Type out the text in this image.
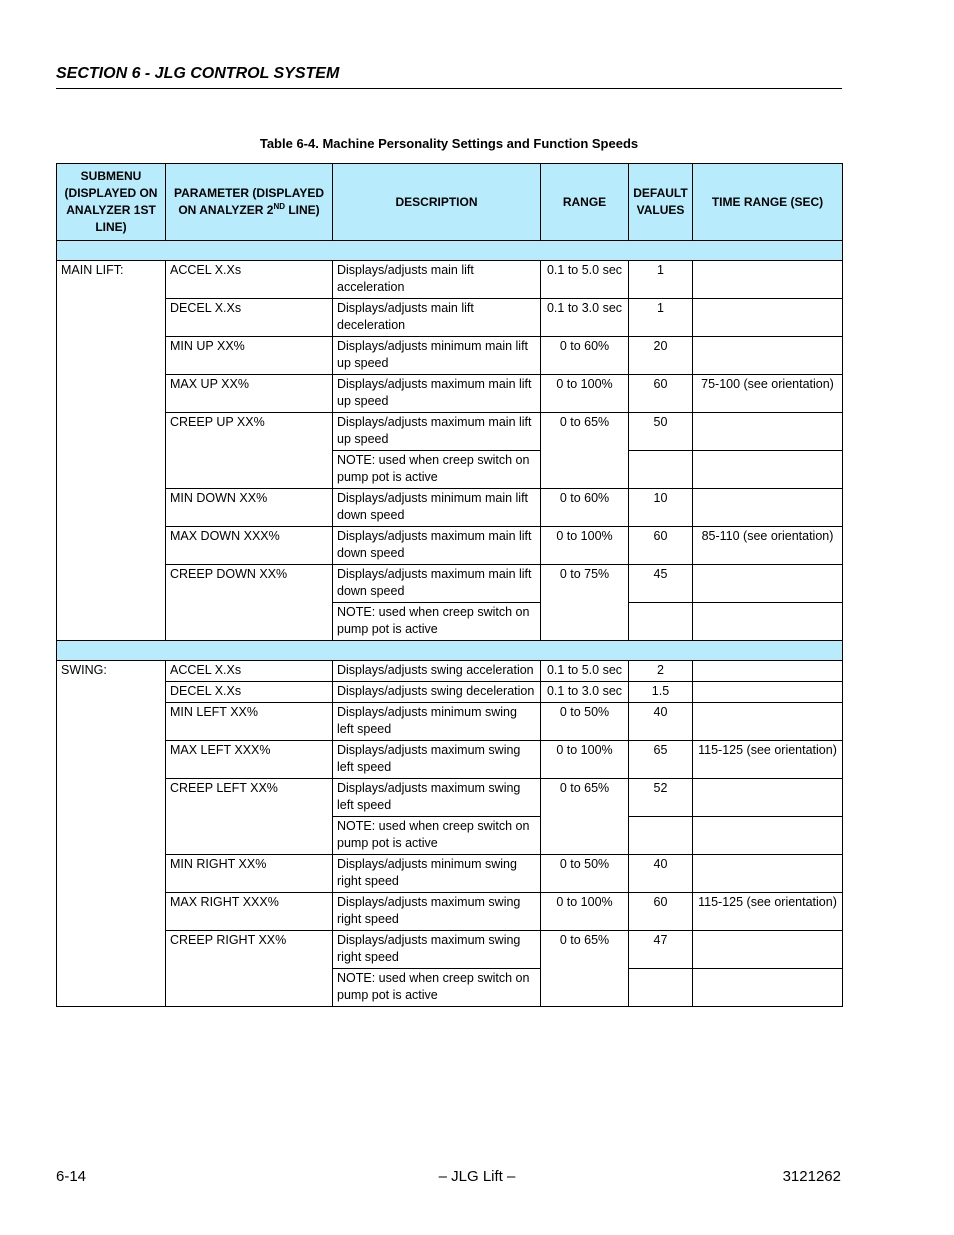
SECTION 6 - JLG CONTROL SYSTEM
Table 6-4. Machine Personality Settings and Function Speeds
SUBMENU (DISPLAYED ON ANALYZER 1ST LINE)	PARAMETER (DISPLAYED ON ANALYZER 2ND LINE)	DESCRIPTION	RANGE	DEFAULT VALUES	TIME RANGE (SEC)

MAIN LIFT:	ACCEL X.Xs	Displays/adjusts main lift acceleration	0.1 to 5.0 sec	1	
	DECEL X.Xs	Displays/adjusts main lift deceleration	0.1 to 3.0 sec	1	
	MIN UP XX%	Displays/adjusts minimum main lift up speed	0 to 60%	20	
	MAX UP XX%	Displays/adjusts maximum main lift up speed	0 to 100%	60	75-100 (see orientation)
	CREEP UP XX%	Displays/adjusts maximum main lift up speed	0 to 65%	50	
		NOTE: used when creep switch on pump pot is active			
	MIN DOWN XX%	Displays/adjusts minimum main lift down speed	0 to 60%	10	
	MAX DOWN XXX%	Displays/adjusts maximum main lift down speed	0 to 100%	60	85-110 (see orientation)
	CREEP DOWN XX%	Displays/adjusts maximum main lift down speed	0 to 75%	45	
		NOTE: used when creep switch on pump pot is active			

SWING:	ACCEL X.Xs	Displays/adjusts swing acceleration	0.1 to 5.0 sec	2	
	DECEL X.Xs	Displays/adjusts swing deceleration	0.1 to 3.0 sec	1.5	
	MIN LEFT XX%	Displays/adjusts minimum swing left speed	0 to 50%	40	
	MAX LEFT XXX%	Displays/adjusts maximum swing left speed	0 to 100%	65	115-125 (see orientation)
	CREEP LEFT XX%	Displays/adjusts maximum swing left speed	0 to 65%	52	
		NOTE: used when creep switch on pump pot is active			
	MIN RIGHT XX%	Displays/adjusts minimum swing right speed	0 to 50%	40	
	MAX RIGHT XXX%	Displays/adjusts maximum swing right speed	0 to 100%	60	115-125 (see orientation)
	CREEP RIGHT XX%	Displays/adjusts maximum swing right speed	0 to 65%	47	
		NOTE: used when creep switch on pump pot is active			
6-14	– JLG Lift –	3121262
